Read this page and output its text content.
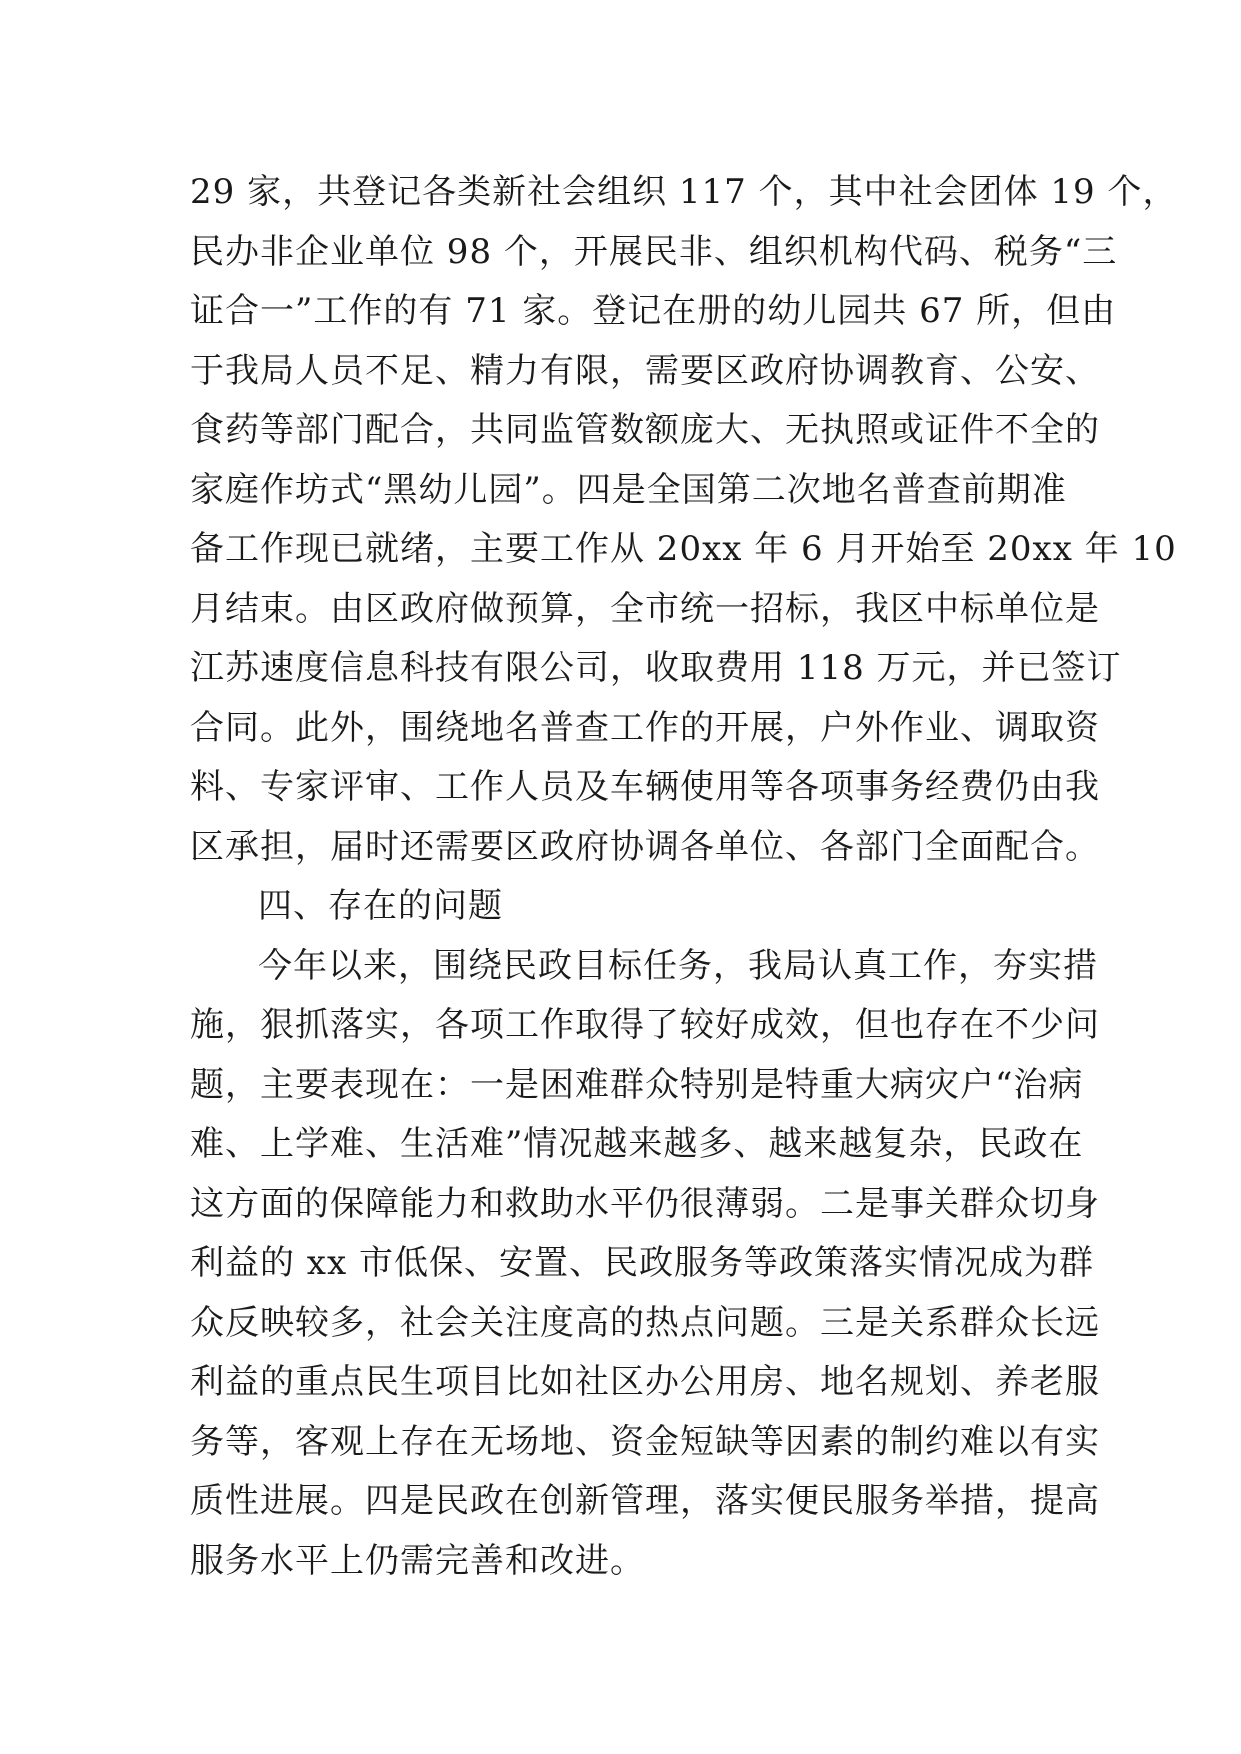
29 家，共登记各类新社会组织 117 个，其中社会团体 19 个，
民办非企业单位 98 个，开展民非、组织机构代码、税务“三
证合一”工作的有 71 家。登记在册的幼儿园共 67 所，但由
于我局人员不足、精力有限，需要区政府协调教育、公安、
食药等部门配合，共同监管数额庞大、无执照或证件不全的
家庭作坊式“黑幼儿园”。四是全国第二次地名普查前期准
备工作现已就绪，主要工作从 20xx 年 6 月开始至 20xx 年 10
月结束。由区政府做预算，全市统一招标，我区中标单位是
江苏速度信息科技有限公司，收取费用 118 万元，并已签订
合同。此外，围绕地名普查工作的开展，户外作业、调取资
料、专家评审、工作人员及车辆使用等各项事务经费仍由我
区承担，届时还需要区政府协调各单位、各部门全面配合。
四、存在的问题
今年以来，围绕民政目标任务，我局认真工作，夯实措
施，狠抓落实，各项工作取得了较好成效，但也存在不少问
题，主要表现在：一是困难群众特别是特重大病灾户“治病
难、上学难、生活难”情况越来越多、越来越复杂，民政在
这方面的保障能力和救助水平仍很薄弱。二是事关群众切身
利益的 xx 市低保、安置、民政服务等政策落实情况成为群
众反映较多，社会关注度高的热点问题。三是关系群众长远
利益的重点民生项目比如社区办公用房、地名规划、养老服
务等，客观上存在无场地、资金短缺等因素的制约难以有实
质性进展。四是民政在创新管理，落实便民服务举措，提高
服务水平上仍需完善和改进。
